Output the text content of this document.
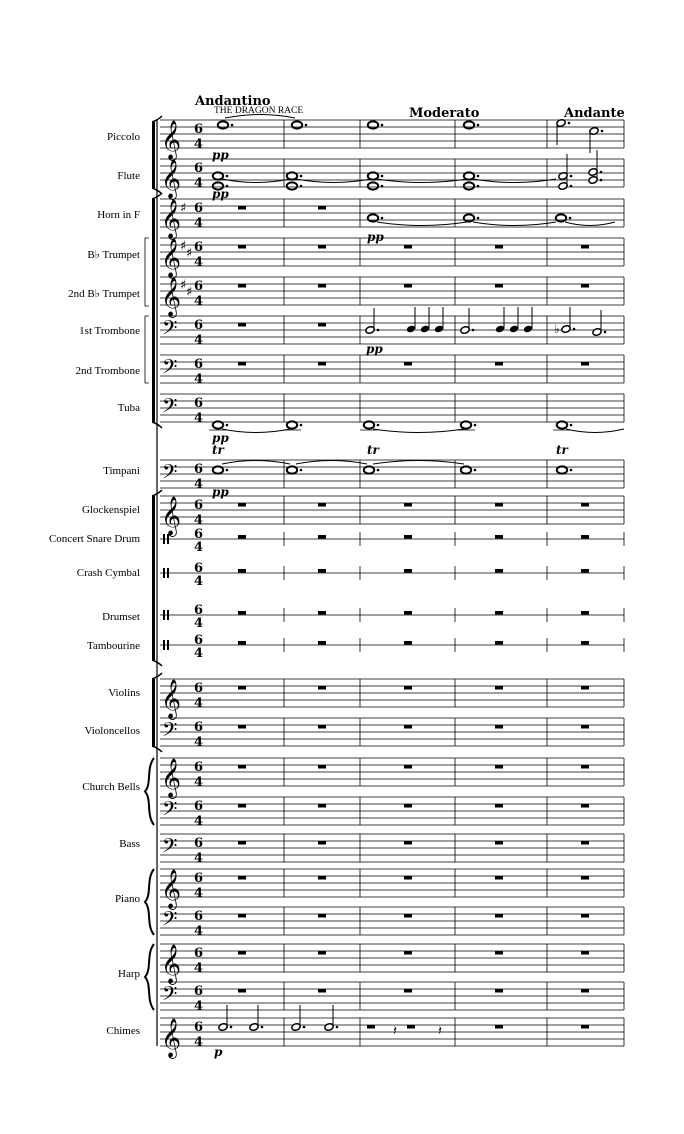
𝄞 6
4
𝄞 6
4
𝄞 6
4
𝄞 6
4
𝄞 6
4
𝄢 6
4
𝄢 6
4
𝄢 6
4
𝄢 6
4
𝄞 6
4
6
4
6
4
6
4
6
4
𝄞 6
4
𝄢 6
4
𝄞 6
4
𝄢 6
4
𝄢 6
4
𝄞 6
4
𝄢 6
4
𝄞 6
4
𝄢 6
4
𝄞 6
4
♯
♯ ♯
♯ ♯
pp
pp
pp
♭
pp
pp
tr	tr	tr
pp
𝄽	𝄽
p
Andantino
THE DRAGON RACE	Moderato	Andante
Piccolo
Flute
Horn in F
B♭ Trumpet
2nd B♭ Trumpet
1st Trombone
2nd Trombone
Tuba
Timpani
Glockenspiel
Concert Snare Drum
Crash Cymbal
Drumset
Tambourine
Violins
Violoncellos
Church Bells
Bass
Piano
Harp
Chimes
